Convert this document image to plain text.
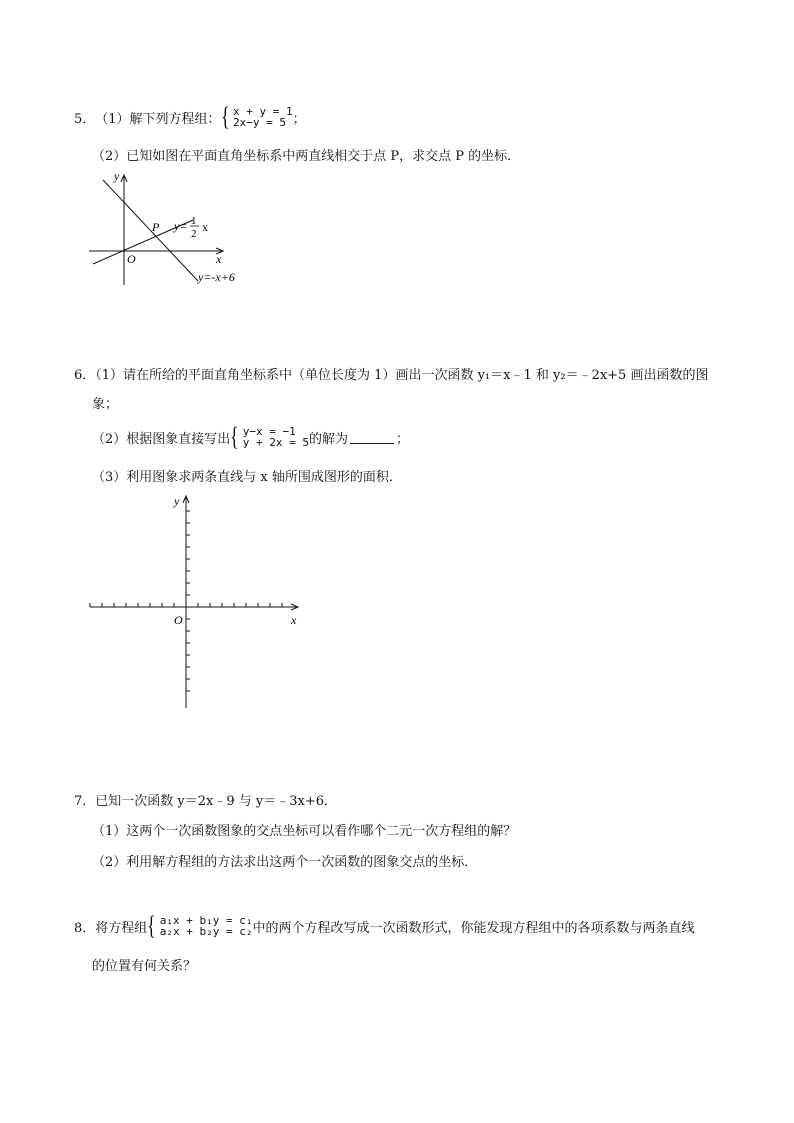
5． （1）解下列方程组： { x + y = 1
2x−y = 5 ；
（2）已知如图在平面直角坐标系中两直线相交于点 P，求交点 P 的坐标．
y
x
O
P y= 1
2 x
y=-x+6
6．（1）请在所给的平面直角坐标系中（单位长度为 1）画出一次函数 y₁＝x﹣1 和 y₂＝﹣2x+5 画出函数的图
象；
（2）根据图象直接写出 { y−x = −1
y + 2x = 5 的解为	；
（3）利用图象求两条直线与 x 轴所围成图形的面积．
y
x
O
7．已知一次函数 y＝2x﹣9 与 y＝﹣3x+6．
（1）这两个一次函数图象的交点坐标可以看作哪个二元一次方程组的解？
（2）利用解方程组的方法求出这两个一次函数的图象交点的坐标．
8． 将方程组 { a₁x + b₁y = c₁
a₂x + b₂y = c₂ 中的两个方程改写成一次函数形式，你能发现方程组中的各项系数与两条直线
的位置有何关系？
